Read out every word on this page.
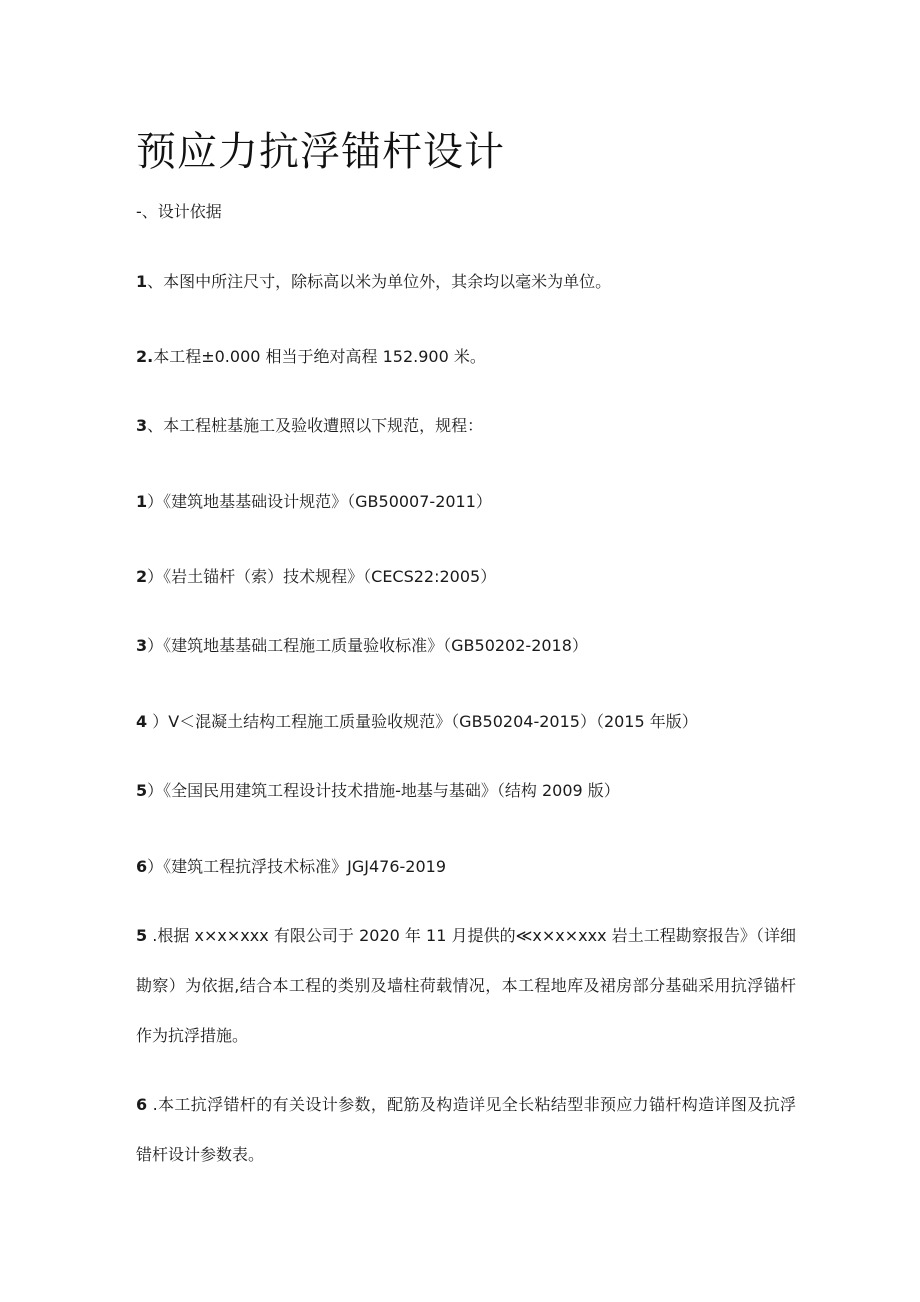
预应力抗浮锚杆设计

-、设计依据

1、本图中所注尺寸，除标高以米为单位外，其余均以毫米为单位。

2.本工程±0.000 相当于绝对高程 152.900 米。

3、本工程桩基施工及验收遭照以下规范，规程：

1）《建筑地基基础设计规范》（GB50007-2011）

2）《岩土锚杆（索）技术规程》（CECS22:2005）

3）《建筑地基基础工程施工质量验收标准》（GB50202-2018）

4 ）V＜混凝土结构工程施工质量验收规范》（GB50204-2015）（2015 年版）

5）《全国民用建筑工程设计技术措施-地基与基础》（结构 2009 版）

6）《建筑工程抗浮技术标准》JGJ476-2019

5 .根据 x×x×xxx 有限公司于 2020 年 11 月提供的≪x×x×xxx 岩土工程勘察报告》（详细勘察）为依据,结合本工程的类别及墙柱荷载情况，本工程地库及裙房部分基础采用抗浮锚杆作为抗浮措施。

6 .本工抗浮错杆的有关设计参数，配筋及构造详见全长粘结型非预应力锚杆构造详图及抗浮错杆设计参数表。
